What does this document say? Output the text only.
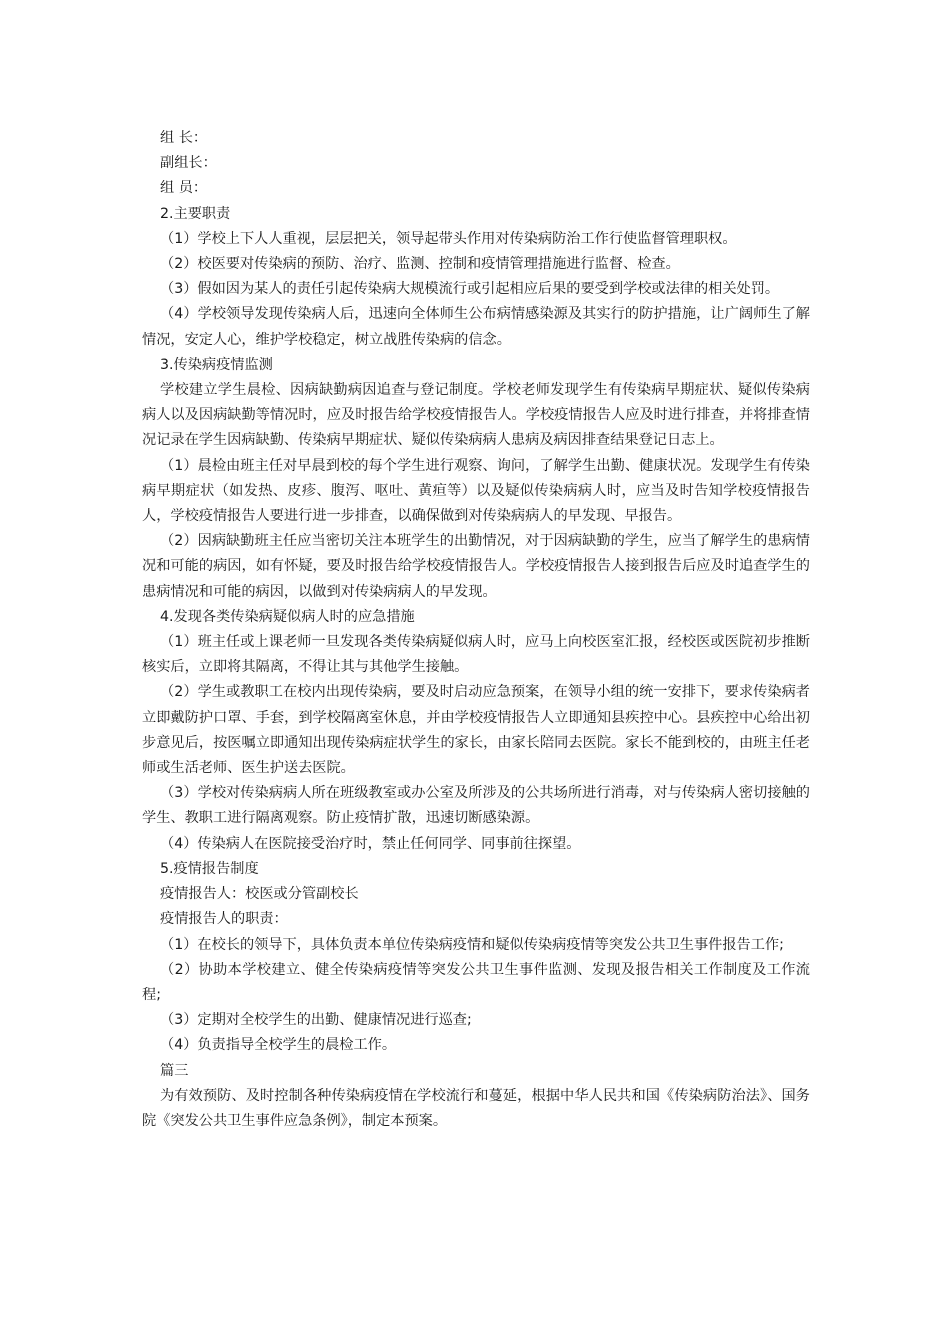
组 长：

副组长：

组 员：

2.主要职责

（1）学校上下人人重视，层层把关，领导起带头作用对传染病防治工作行使监督管理职权。

（2）校医要对传染病的预防、治疗、监测、控制和疫情管理措施进行监督、检查。

（3）假如因为某人的责任引起传染病大规模流行或引起相应后果的要受到学校或法律的相关处罚。

（4）学校领导发现传染病人后，迅速向全体师生公布病情感染源及其实行的防护措施，让广阔师生了解情况，安定人心，维护学校稳定，树立战胜传染病的信念。

3.传染病疫情监测

学校建立学生晨检、因病缺勤病因追查与登记制度。学校老师发现学生有传染病早期症状、疑似传染病病人以及因病缺勤等情况时，应及时报告给学校疫情报告人。学校疫情报告人应及时进行排查，并将排查情况记录在学生因病缺勤、传染病早期症状、疑似传染病病人患病及病因排查结果登记日志上。

（1）晨检由班主任对早晨到校的每个学生进行观察、询问，了解学生出勤、健康状况。发现学生有传染病早期症状（如发热、皮疹、腹泻、呕吐、黄疸等）以及疑似传染病病人时，应当及时告知学校疫情报告人，学校疫情报告人要进行进一步排查，以确保做到对传染病病人的早发现、早报告。

（2）因病缺勤班主任应当密切关注本班学生的出勤情况，对于因病缺勤的学生，应当了解学生的患病情况和可能的病因，如有怀疑，要及时报告给学校疫情报告人。学校疫情报告人接到报告后应及时追查学生的患病情况和可能的病因，以做到对传染病病人的早发现。

4.发现各类传染病疑似病人时的应急措施

（1）班主任或上课老师一旦发现各类传染病疑似病人时，应马上向校医室汇报，经校医或医院初步推断核实后，立即将其隔离，不得让其与其他学生接触。

（2）学生或教职工在校内出现传染病，要及时启动应急预案，在领导小组的统一安排下，要求传染病者立即戴防护口罩、手套，到学校隔离室休息，并由学校疫情报告人立即通知县疾控中心。县疾控中心给出初步意见后，按医嘱立即通知出现传染病症状学生的家长，由家长陪同去医院。家长不能到校的，由班主任老师或生活老师、医生护送去医院。

（3）学校对传染病病人所在班级教室或办公室及所涉及的公共场所进行消毒，对与传染病人密切接触的学生、教职工进行隔离观察。防止疫情扩散，迅速切断感染源。

（4）传染病人在医院接受治疗时，禁止任何同学、同事前往探望。

5.疫情报告制度

疫情报告人：校医或分管副校长

疫情报告人的职责：

（1）在校长的领导下，具体负责本单位传染病疫情和疑似传染病疫情等突发公共卫生事件报告工作;

（2）协助本学校建立、健全传染病疫情等突发公共卫生事件监测、发现及报告相关工作制度及工作流程;

（3）定期对全校学生的出勤、健康情况进行巡查;

（4）负责指导全校学生的晨检工作。

篇三

为有效预防、及时控制各种传染病疫情在学校流行和蔓延，根据中华人民共和国《传染病防治法》、国务院《突发公共卫生事件应急条例》，制定本预案。
